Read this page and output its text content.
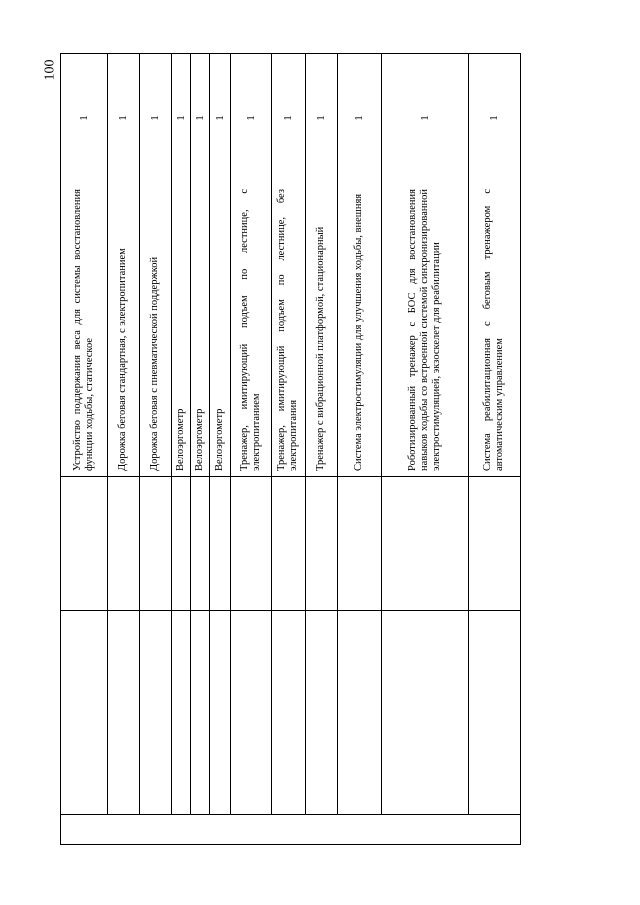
100
Устройство поддержания веса для системы восстановления функции ходьбы, статическое
1
Дорожка беговая стандартная, с электропитанием
1
Дорожка беговая с пневматической поддержкой
1
Велоэргометр
1
Велоэргометр
1
Велоэргометр
1
Тренажер, имитирующий подъем по лестнице, с электропитанием
1
Тренажер, имитирующий подъем по лестнице, без электропитания
1
Тренажер с вибрационной платформой, стационарный
1
Система электростимуляции для улучшения ходьбы, внешняя
1
Роботизированный тренажер с БОС для восстановления навыков ходьбы со встроенной системой синхронизированной электростимуляцией, экзоскелет для реабилитации
1
Система реабилитационная с беговым тренажером с автоматическим управлением
1
